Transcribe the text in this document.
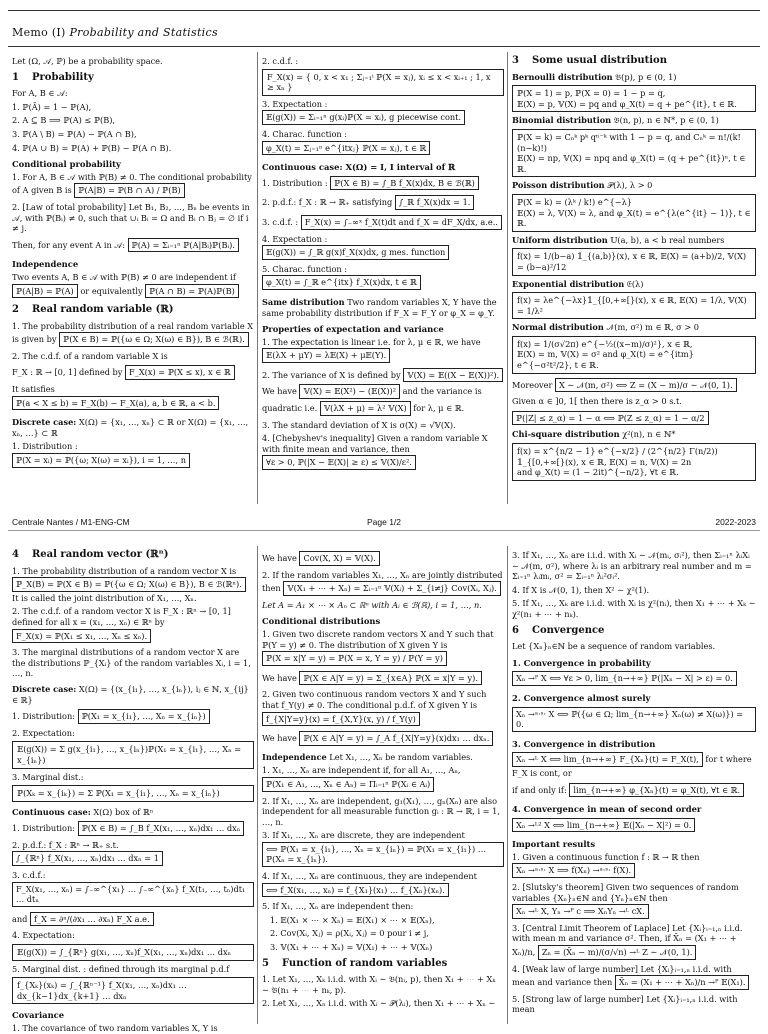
Memo (I) Probability and Statistics
Let (Ω, 𝒜, ℙ) be a probability space.
1 Probability
For A, B ∈ 𝒜:
1. ℙ(Ā) = 1 − ℙ(A),
2. A ⊆ B ⟹ ℙ(A) ≤ ℙ(B),
3. ℙ(A \ B) = ℙ(A) − ℙ(A ∩ B),
4. ℙ(A ∪ B) = ℙ(A) + ℙ(B) − ℙ(A ∩ B).
Conditional probability
1. For A, B ∈ 𝒜 with ℙ(B) ≠ 0. The conditional probability of A given B is ℙ(A|B) = ℙ(B ∩ A) / ℙ(B)
2. [Law of total probability] Let B₁, B₂, …, Bₙ be events in 𝒜, with ℙ(Bᵢ) ≠ 0, such that ∪ᵢ Bᵢ = Ω and Bᵢ ∩ Bⱼ = ∅ if i ≠ j.
Then, for any event A in 𝒜: ℙ(A) = Σᵢ₌₁ⁿ ℙ(A|Bᵢ)ℙ(Bᵢ).
Independence
Two events A, B ∈ 𝒜 with ℙ(B) ≠ 0 are independent if ℙ(A|B) = ℙ(A) or equivalently ℙ(A ∩ B) = ℙ(A)ℙ(B)
2 Real random variable (ℝ)
1. The probability distribution of a real random variable X is given by ℙ(X ∈ B) = ℙ({ω ∈ Ω; X(ω) ∈ B}), B ∈ ℬ(ℝ).
2. The c.d.f. of a random variable X is
F_X : ℝ → [0, 1] defined by F_X(x) = ℙ(X ≤ x), x ∈ ℝ
It satisfies ℙ(a < X ≤ b) = F_X(b) − F_X(a), a, b ∈ ℝ, a < b.
Discrete case: X(Ω) = {x₁, …, xₙ} ⊂ ℝ or X(Ω) = {x₁, …, xₙ, …} ⊂ ℝ
1. Distribution : ℙ(X = xᵢ) = ℙ({ω; X(ω) = xᵢ}), i = 1, …, n
2. c.d.f. :
F_X(x) = { 0, x < x₁ ; Σⱼ₌₁ⁱ ℙ(X = xⱼ), xᵢ ≤ x < xᵢ₊₁ ; 1, x ≥ xₙ }
3. Expectation : 𝔼(g(X)) = Σᵢ₌₁ⁿ g(xᵢ)ℙ(X = xᵢ), g piecewise cont.
4. Charac. function : φ_X(t) = Σⱼ₌₁ⁿ e^{itxⱼ} ℙ(X = xⱼ), t ∈ ℝ
Continuous case: X(Ω) = I, I interval of ℝ
1. Distribution : ℙ(X ∈ B) = ∫_B f_X(x)dx, B ∈ ℬ(ℝ)
2. p.d.f.: f_X : ℝ → ℝ₊ satisfying ∫_ℝ f_X(x)dx = 1.
3. c.d.f. : F_X(x) = ∫₋∞ˣ f_X(t)dt and f_X = dF_X/dx, a.e..
4. Expectation : 𝔼(g(X)) = ∫_ℝ g(x)f_X(x)dx, g mes. function
5. Charac. function : φ_X(t) = ∫_ℝ e^{itx} f_X(x)dx, t ∈ ℝ
Same distribution Two random variables X, Y have the same probability distribution if F_X = F_Y or φ_X = φ_Y.
Properties of expectation and variance
1. The expectation is linear i.e. for λ, μ ∈ ℝ, we have 𝔼(λX + μY) = λ𝔼(X) + μ𝔼(Y).
2. The variance of X is defined by 𝕍(X) = 𝔼((X − 𝔼(X))²). We have 𝕍(X) = 𝔼(X²) − (𝔼(X))² and the variance is quadratic i.e. 𝕍(λX + μ) = λ² 𝕍(X) for λ, μ ∈ ℝ.
3. The standard deviation of X is σ(X) = √𝕍(X).
4. [Chebyshev's inequality] Given a random variable X with finite mean and variance, then ∀ε > 0, ℙ(|X − 𝔼(X)| ≥ ε) ≤ 𝕍(X)/ε².
3 Some usual distribution
Bernoulli distribution 𝔅(p), p ∈ (0, 1)
ℙ(X = 1) = p, ℙ(X = 0) = 1 − p = q,
𝔼(X) = p, 𝕍(X) = pq and φ_X(t) = q + pe^{it}, t ∈ ℝ.
Binomial distribution 𝔅(n, p), n ∈ ℕ*, p ∈ (0, 1)
ℙ(X = k) = Cₙᵏ pᵏ qⁿ⁻ᵏ with 1 − p = q, and Cₙᵏ = n!/(k!(n−k)!)
𝔼(X) = np, 𝕍(X) = npq and φ_X(t) = (q + pe^{it})ⁿ, t ∈ ℝ.
Poisson distribution 𝒫(λ), λ > 0
ℙ(X = k) = (λᵏ / k!) e^{−λ}
𝔼(X) = λ, 𝕍(X) = λ, and φ_X(t) = e^{λ(e^{it} − 1)}, t ∈ ℝ.
Uniform distribution 𝕌(a, b), a < b real numbers
f(x) = 1/(b−a) 𝟙_{(a,b)}(x), x ∈ ℝ, 𝔼(X) = (a+b)/2, 𝕍(X) = (b−a)²/12
Exponential distribution 𝔈(λ)
f(x) = λe^{−λx}𝟙_{[0,+∞[}(x), x ∈ ℝ, 𝔼(X) = 1/λ, 𝕍(X) = 1/λ²
Normal distribution 𝒩(m, σ²) m ∈ ℝ, σ > 0
f(x) = 1/(σ√2π) e^{−½((x−m)/σ)²}, x ∈ ℝ,
𝔼(X) = m, 𝕍(X) = σ² and φ_X(t) = e^{itm} e^{−σ²t²/2}, t ∈ ℝ.
Moreover X ∼ 𝒩(m, σ²) ⟺ Z = (X − m)/σ ∼ 𝒩(0, 1).
Given α ∈ ]0, 1[ then there is z_α > 0 s.t.
ℙ(|Z| ≤ z_α) = 1 − α ⟺ ℙ(Z ≤ z_α) = 1 − α/2
Chi-square distribution χ²(n), n ∈ ℕ*
f(x) = x^{n/2 − 1} e^{−x/2} / (2^{n/2} Γ(n/2)) 𝟙_{[0,+∞[}(x), x ∈ ℝ, 𝔼(X) = n, 𝕍(X) = 2n
and φ_X(t) = (1 − 2it)^{−n/2}, ∀t ∈ ℝ.
Centrale Nantes / M1-ENG-CM	Page 1/2	2022-2023
4 Real random vector (ℝⁿ)
1. The probability distribution of a random vector X is ℙ_X(B) = ℙ(X ∈ B) = ℙ({ω ∈ Ω; X(ω) ∈ B}), B ∈ ℬ(ℝⁿ). It is called the joint distribution of X₁, …, Xₙ.
2. The c.d.f. of a random vector X is F_X : ℝⁿ → [0, 1] defined for all x = (x₁, …, xₙ) ∈ ℝⁿ by F_X(x) = ℙ(X₁ ≤ x₁, …, Xₙ ≤ xₙ).
3. The marginal distributions of a random vector X are the distributions ℙ_{Xᵢ} of the random variables Xᵢ, i = 1, …, n.
Discrete case: X(Ω) = {(x_{i₁}, …, x_{iₙ}), iⱼ ∈ ℕ, x_{ij} ∈ ℝ}
1. Distribution: ℙ(X₁ = x_{i₁}, …, Xₙ = x_{iₙ})
2. Expectation:
𝔼(g(X)) = Σ g(x_{i₁}, …, x_{iₙ})ℙ(X₁ = x_{i₁}, …, Xₙ = x_{iₙ})
3. Marginal dist.:
ℙ(Xₖ = x_{iₖ}) = Σ ℙ(X₁ = x_{i₁}, …, Xₙ = x_{iₙ})
Continuous case: X(Ω) box of ℝⁿ
1. Distribution: ℙ(X ∈ B) = ∫_B f_X(x₁, …, xₙ)dx₁ … dxₙ
2. p.d.f.: f_X : ℝⁿ → ℝ₊ s.t. ∫_{ℝⁿ} f_X(x₁, …, xₙ)dx₁ … dxₙ = 1
3. c.d.f.: F_X(x₁, …, xₙ) = ∫₋∞^{x₁} … ∫₋∞^{xₙ} f_X(t₁, …, tₙ)dt₁ … dtₙ
and f_X = ∂ⁿ/(∂x₁ … ∂xₙ) F_X a.e.
4. Expectation:
𝔼(g(X)) = ∫_{ℝⁿ} g(x₁, …, xₙ)f_X(x₁, …, xₙ)dx₁ … dxₙ
5. Marginal dist. : defined through its marginal p.d.f
f_{Xₖ}(xₖ) = ∫_{ℝⁿ⁻¹} f_X(x₁, …, xₙ)dx₁ … dx_{k−1}dx_{k+1} … dxₙ
Covariance
1. The covariance of two random variables X, Y is
We have Cov(X, X) = 𝕍(X).
2. If the random variables X₁, …, Xₙ are jointly distributed then 𝕍(X₁ + ⋯ + Xₙ) = Σᵢ₌₁ⁿ 𝕍(Xᵢ) + Σ_{i≠j} Cov(Xᵢ, Xⱼ).
Let A = A₁ × ⋯ × Aₙ ⊂ ℝⁿ with Aᵢ ∈ ℬ(ℝ), i = 1, …, n.
Conditional distributions
1. Given two discrete random vectors X and Y such that ℙ(Y = y) ≠ 0. The distribution of X given Y is ℙ(X = x|Y = y) = ℙ(X = x, Y = y) / ℙ(Y = y)
We have ℙ(X ∈ A|Y = y) = Σ_{x∈A} ℙ(X = x|Y = y).
2. Given two continuous random vectors X and Y such that f_Y(y) ≠ 0. The conditional p.d.f. of X given Y is f_{X|Y=y}(x) = f_{X,Y}(x, y) / f_Y(y)
We have ℙ(X ∈ A|Y = y) = ∫_A f_{X|Y=y}(x)dx₁ … dxₙ.
Independence Let X₁, …, Xₙ be random variables.
1. X₁, …, Xₙ are independent if, for all A₁, …, Aₙ, ℙ(X₁ ∈ A₁, …, Xₙ ∈ Aₙ) = Πᵢ₌₁ⁿ ℙ(Xᵢ ∈ Aᵢ)
2. If X₁, …, Xₙ are independent, g₁(X₁), …, gₙ(Xₙ) are also independent for all measurable function gᵢ : ℝ → ℝ, i = 1, …, n.
3. If X₁, …, Xₙ are discrete, they are independent ⟺ ℙ(X₁ = x_{i₁}, …, Xₙ = x_{iₙ}) = ℙ(X₁ = x_{i₁}) … ℙ(Xₙ = x_{iₙ}).
4. If X₁, …, Xₙ are continuous, they are independent ⟺ f_X(x₁, …, xₙ) = f_{X₁}(x₁) … f_{Xₙ}(xₙ).
5. If X₁, …, Xₙ are independent then:
1. 𝔼(X₁ × ⋯ × Xₙ) = 𝔼(X₁) × ⋯ × 𝔼(Xₙ),
2. Cov(Xᵢ, Xⱼ) = ρ(Xᵢ, Xⱼ) = 0 pour i ≠ j,
3. 𝕍(X₁ + ⋯ + Xₙ) = 𝕍(X₁) + ⋯ + 𝕍(Xₙ)
5 Function of random variables
1. Let X₁, …, Xₖ i.i.d. with Xᵢ ∼ 𝔅(nᵢ, p), then X₁ + ⋯ + Xₖ ∼ 𝔅(n₁ + ⋯ + nₖ, p).
2. Let X₁, …, Xₙ i.i.d. with Xᵢ ∼ 𝒫(λᵢ), then X₁ + ⋯ + Xₙ ∼
3. If X₁, …, Xₙ are i.i.d. with Xᵢ ∼ 𝒩(mᵢ, σᵢ²), then Σᵢ₌₁ⁿ λᵢXᵢ ∼ 𝒩(m, σ²), where λᵢ is an arbitrary real number and m = Σᵢ₌₁ⁿ λᵢmᵢ, σ² = Σᵢ₌₁ⁿ λᵢ²σᵢ².
4. If X is 𝒩(0, 1), then X² ∼ χ²(1).
5. If X₁, …, Xₖ are i.i.d. with Xᵢ is χ²(nᵢ), then X₁ + ⋯ + Xₖ ∼ χ²(n₁ + ⋯ + nₖ).
6 Convergence
Let {Xₙ}ₙ∈ℕ be a sequence of random variables.
1. Convergence in probability
Xₙ →ᴾ X ⟺ ∀ε > 0, lim_{n→+∞} ℙ(|Xₙ − X| > ε) = 0.
2. Convergence almost surely
Xₙ →ᵃ·ˢ· X ⟺ ℙ({ω ∈ Ω; lim_{n→+∞} Xₙ(ω) ≠ X(ω)}) = 0.
3. Convergence in distribution
Xₙ →ᴸ X ⟺ lim_{n→+∞} F_{Xₙ}(t) = F_X(t), for t where F_X is cont, or
if and only if: lim_{n→+∞} φ_{Xₙ}(t) = φ_X(t), ∀t ∈ ℝ.
4. Convergence in mean of second order
Xₙ →ᴸ² X ⟺ lim_{n→+∞} 𝔼(|Xₙ − X|²) = 0.
Important results
1. Given a continuous function f : ℝ → ℝ then Xₙ →ᵃ·ˢ· X ⟹ f(Xₙ) →ᵃ·ˢ· f(X).
2. [Slutsky's theorem] Given two sequences of random variables {Xₙ}ₙ∈ℕ and {Yₙ}ₙ∈ℕ then Xₙ →ᴸ X, Yₙ →ᴾ c ⟹ XₙYₙ →ᴸ cX.
3. [Central Limit Theorem of Laplace] Let {Xᵢ}ᵢ₌₁,ₙ i.i.d. with mean m and variance σ². Then, if X̄ₙ = (X₁ + ⋯ + Xₙ)/n, Zₙ = (X̄ₙ − m)/(σ/√n) →ᴸ Z ∼ 𝒩(0, 1).
4. [Weak law of large number] Let {Xᵢ}ᵢ₌₁,ₙ i.i.d. with mean and variance then X̄ₙ = (X₁ + ⋯ + Xₙ)/n →ᴾ 𝔼(X₁).
5. [Strong law of large number] Let {Xᵢ}ᵢ₌₁,ₙ i.i.d. with mean
